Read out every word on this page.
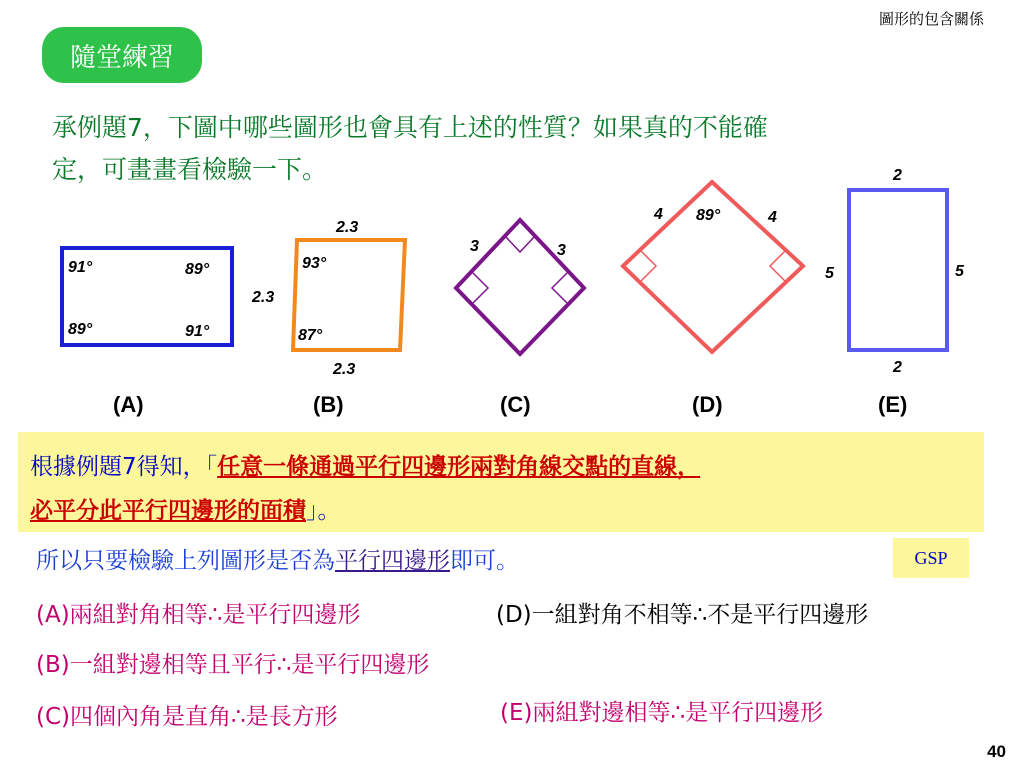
圖形的包含關係
隨堂練習
承例題7，下圖中哪些圖形也會具有上述的性質？如果真的不能確
定，可畫畫看檢驗一下。
91°	89°
89°	91°
(A)
2.3
2.3
2.3
93°
87°
(B)
3	3
(C)
4	4
89°
(D)
2
2
5	5
(E)
根據例題7得知，「任意一條通過平行四邊形兩對角線交點的直線，
必平分此平行四邊形的面積」。
GSP
所以只要檢驗上列圖形是否為平行四邊形即可。
(A)兩組對角相等∴是平行四邊形	(D)一組對角不相等∴不是平行四邊形
(B)一組對邊相等且平行∴是平行四邊形
(C)四個內角是直角∴是長方形	(E)兩組對邊相等∴是平行四邊形
40
